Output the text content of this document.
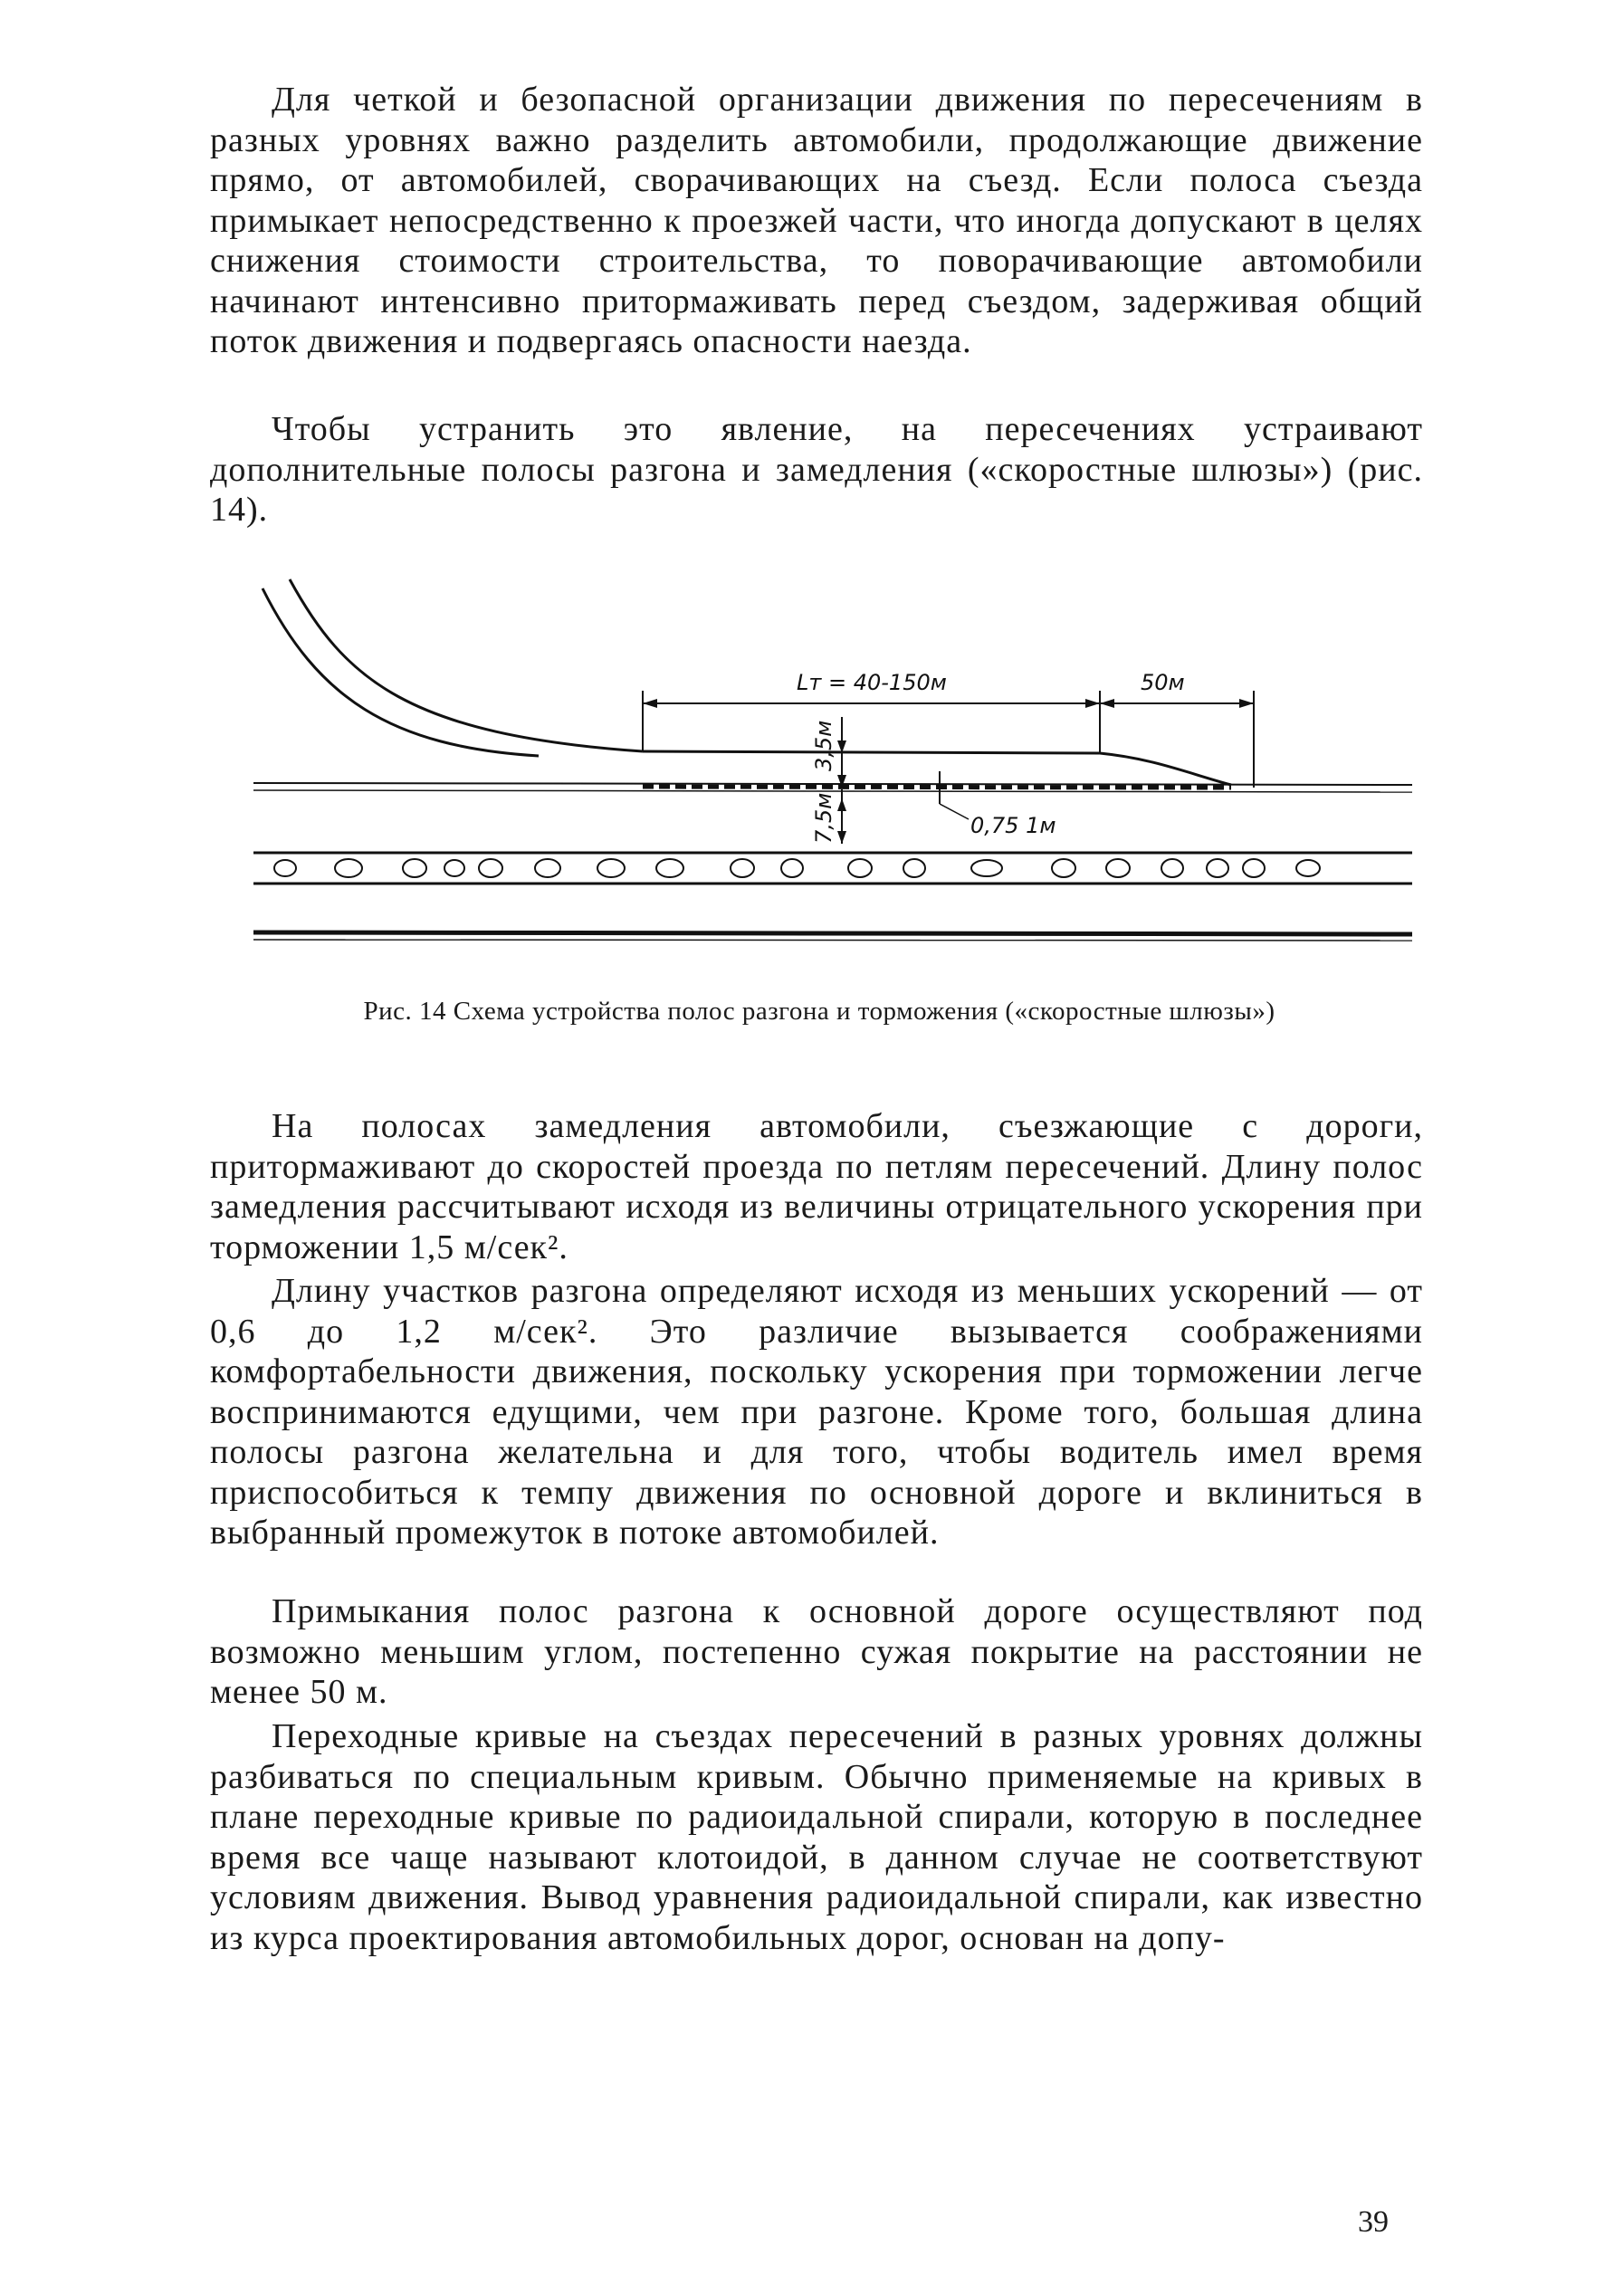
Для четкой и безопасной организации движения по пересечениям в разных уровнях важно разделить автомобили, продолжающие движение прямо, от автомобилей, сворачивающих на съезд. Если полоса съезда примыкает непосредственно к проезжей части, что иногда допускают в целях снижения стоимости строительства, то поворачивающие автомобили начинают интенсивно притормаживать перед съездом, задерживая общий поток движения и подвергаясь опасности наезда.

Чтобы устранить это явление, на пересечениях устраивают дополнительные полосы разгона и замедления («скоростные шлюзы») (рис. 14).

Lт = 40-150м	50м
3,5м
7,5м	0,75 1м
Рис. 14 Схема устройства полос разгона и торможения («скоростные шлюзы»)

На полосах замедления автомобили, съезжающие с дороги, притормаживают до скоростей проезда по петлям пересечений. Длину полос замедления рассчитывают исходя из величины отрицательного ускорения при торможении 1,5 м/сек².

Длину участков разгона определяют исходя из меньших ускорений — от 0,6 до 1,2 м/сек². Это различие вызывается соображениями комфортабельности движения, поскольку ускорения при торможении легче воспринимаются едущими, чем при разгоне. Кроме того, большая длина полосы разгона желательна и для того, чтобы водитель имел время приспособиться к темпу движения по основной дороге и вклиниться в выбранный промежуток в потоке автомобилей.

Примыкания полос разгона к основной дороге осуществляют под возможно меньшим углом, постепенно сужая покрытие на расстоянии не менее 50 м.

Переходные кривые на съездах пересечений в разных уровнях должны разбиваться по специальным кривым. Обычно применяемые на кривых в плане переходные кривые по радиоидальной спирали, которую в последнее время все чаще называют клотоидой, в данном случае не соответствуют условиям движения. Вывод уравнения радиоидальной спирали, как известно из курса проектирования автомобильных дорог, основан на допу-

39
